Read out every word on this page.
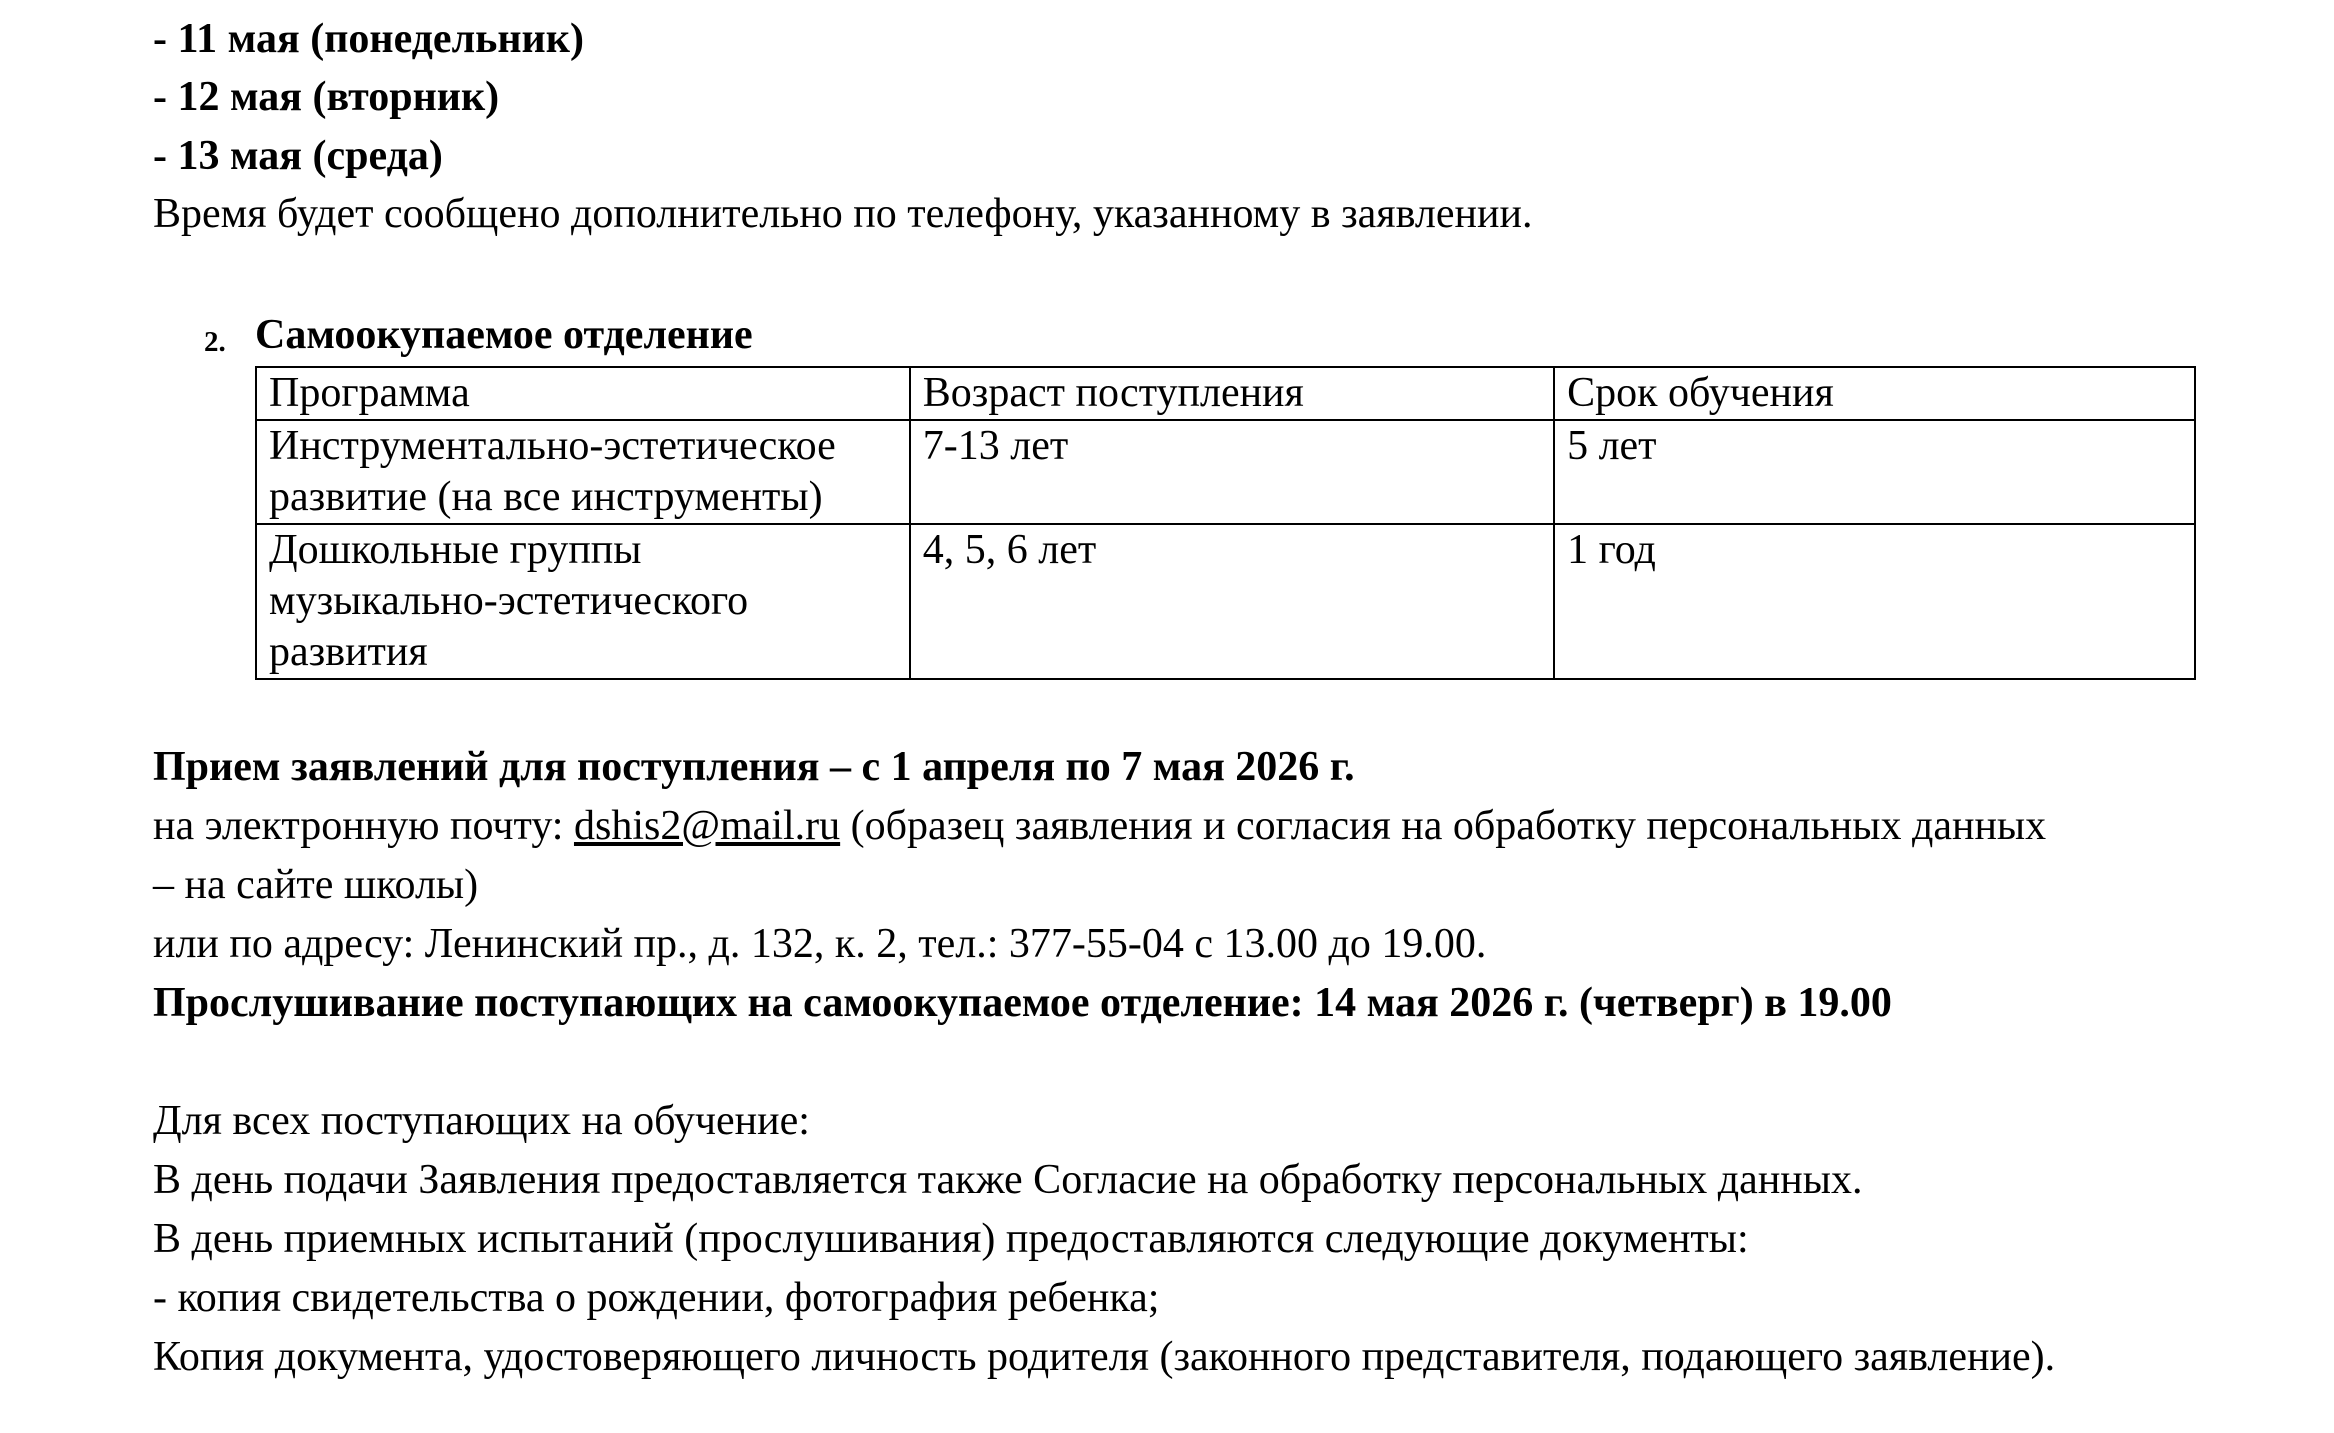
- 11 мая (понедельник)
- 12 мая (вторник)
- 13 мая (среда)
Время будет сообщено дополнительно по телефону, указанному в заявлении.
2. Самоокупаемое отделение
Программа	Возраст поступления	Срок обучения

Инструментально-эстетическое
развитие (на все инструменты)	7-13 лет	5 лет

Дошкольные группы
музыкально-эстетического
развития	4, 5, 6 лет	1 год
Прием заявлений для поступления – с 1 апреля по 7 мая 2026 г.
на электронную почту: dshis2@mail.ru (образец заявления и согласия на обработку персональных данных
– на сайте школы)
или по адресу: Ленинский пр., д. 132, к. 2, тел.: 377-55-04 с 13.00 до 19.00.
Прослушивание поступающих на самоокупаемое отделение: 14 мая 2026 г. (четверг) в 19.00
Для всех поступающих на обучение:
В день подачи Заявления предоставляется также Согласие на обработку персональных данных.
В день приемных испытаний (прослушивания) предоставляются следующие документы:
- копия свидетельства о рождении, фотография ребенка;
Копия документа, удостоверяющего личность родителя (законного представителя, подающего заявление).
